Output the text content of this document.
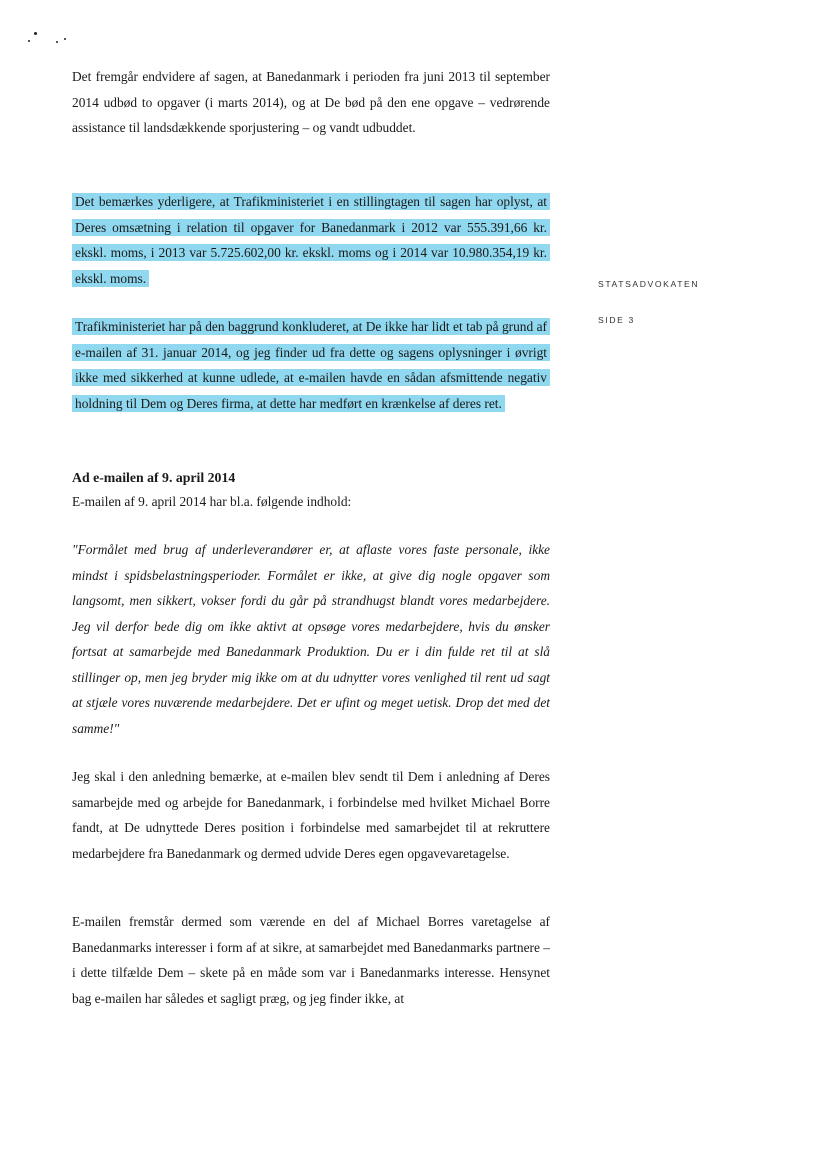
STATSADVOKATEN
SIDE 3

Det fremgår endvidere af sagen, at Banedanmark i perioden fra juni 2013 til september 2014 udbød to opgaver (i marts 2014), og at De bød på den ene opgave – vedrørende assistance til landsdækkende sporjustering – og vandt udbuddet.

Det bemærkes yderligere, at Trafikministeriet i en stillingtagen til sagen har oplyst, at Deres omsætning i relation til opgaver for Banedanmark i 2012 var 555.391,66 kr. ekskl. moms, i 2013 var 5.725.602,00 kr. ekskl. moms og i 2014 var 10.980.354,19 kr. ekskl. moms.

Trafikministeriet har på den baggrund konkluderet, at De ikke har lidt et tab på grund af e-mailen af 31. januar 2014, og jeg finder ud fra dette og sagens oplysninger i øvrigt ikke med sikkerhed at kunne udlede, at e-mailen havde en sådan afsmittende negativ holdning til Dem og Deres firma, at dette har medført en krænkelse af deres ret.

Ad e-mailen af 9. april 2014

E-mailen af 9. april 2014 har bl.a. følgende indhold:

"Formålet med brug af underleverandører er, at aflaste vores faste personale, ikke mindst i spidsbelastningsperioder. Formålet er ikke, at give dig nogle opgaver som langsomt, men sikkert, vokser fordi du går på strandhugst blandt vores medarbejdere. Jeg vil derfor bede dig om ikke aktivt at opsøge vores medarbejdere, hvis du ønsker fortsat at samarbejde med Banedanmark Produktion. Du er i din fulde ret til at slå stillinger op, men jeg bryder mig ikke om at du udnytter vores venlighed til rent ud sagt at stjæle vores nuværende medarbejdere. Det er ufint og meget uetisk. Drop det med det samme!"

Jeg skal i den anledning bemærke, at e-mailen blev sendt til Dem i anledning af Deres samarbejde med og arbejde for Banedanmark, i forbindelse med hvilket Michael Borre fandt, at De udnyttede Deres position i forbindelse med samarbejdet til at rekruttere medarbejdere fra Banedanmark og dermed udvide Deres egen opgavevaretagelse.

E-mailen fremstår dermed som værende en del af Michael Borres varetagelse af Banedanmarks interesser i form af at sikre, at samarbejdet med Banedanmarks partnere – i dette tilfælde Dem – skete på en måde som var i Banedanmarks interesse. Hensynet bag e-mailen har således et sagligt præg, og jeg finder ikke, at
